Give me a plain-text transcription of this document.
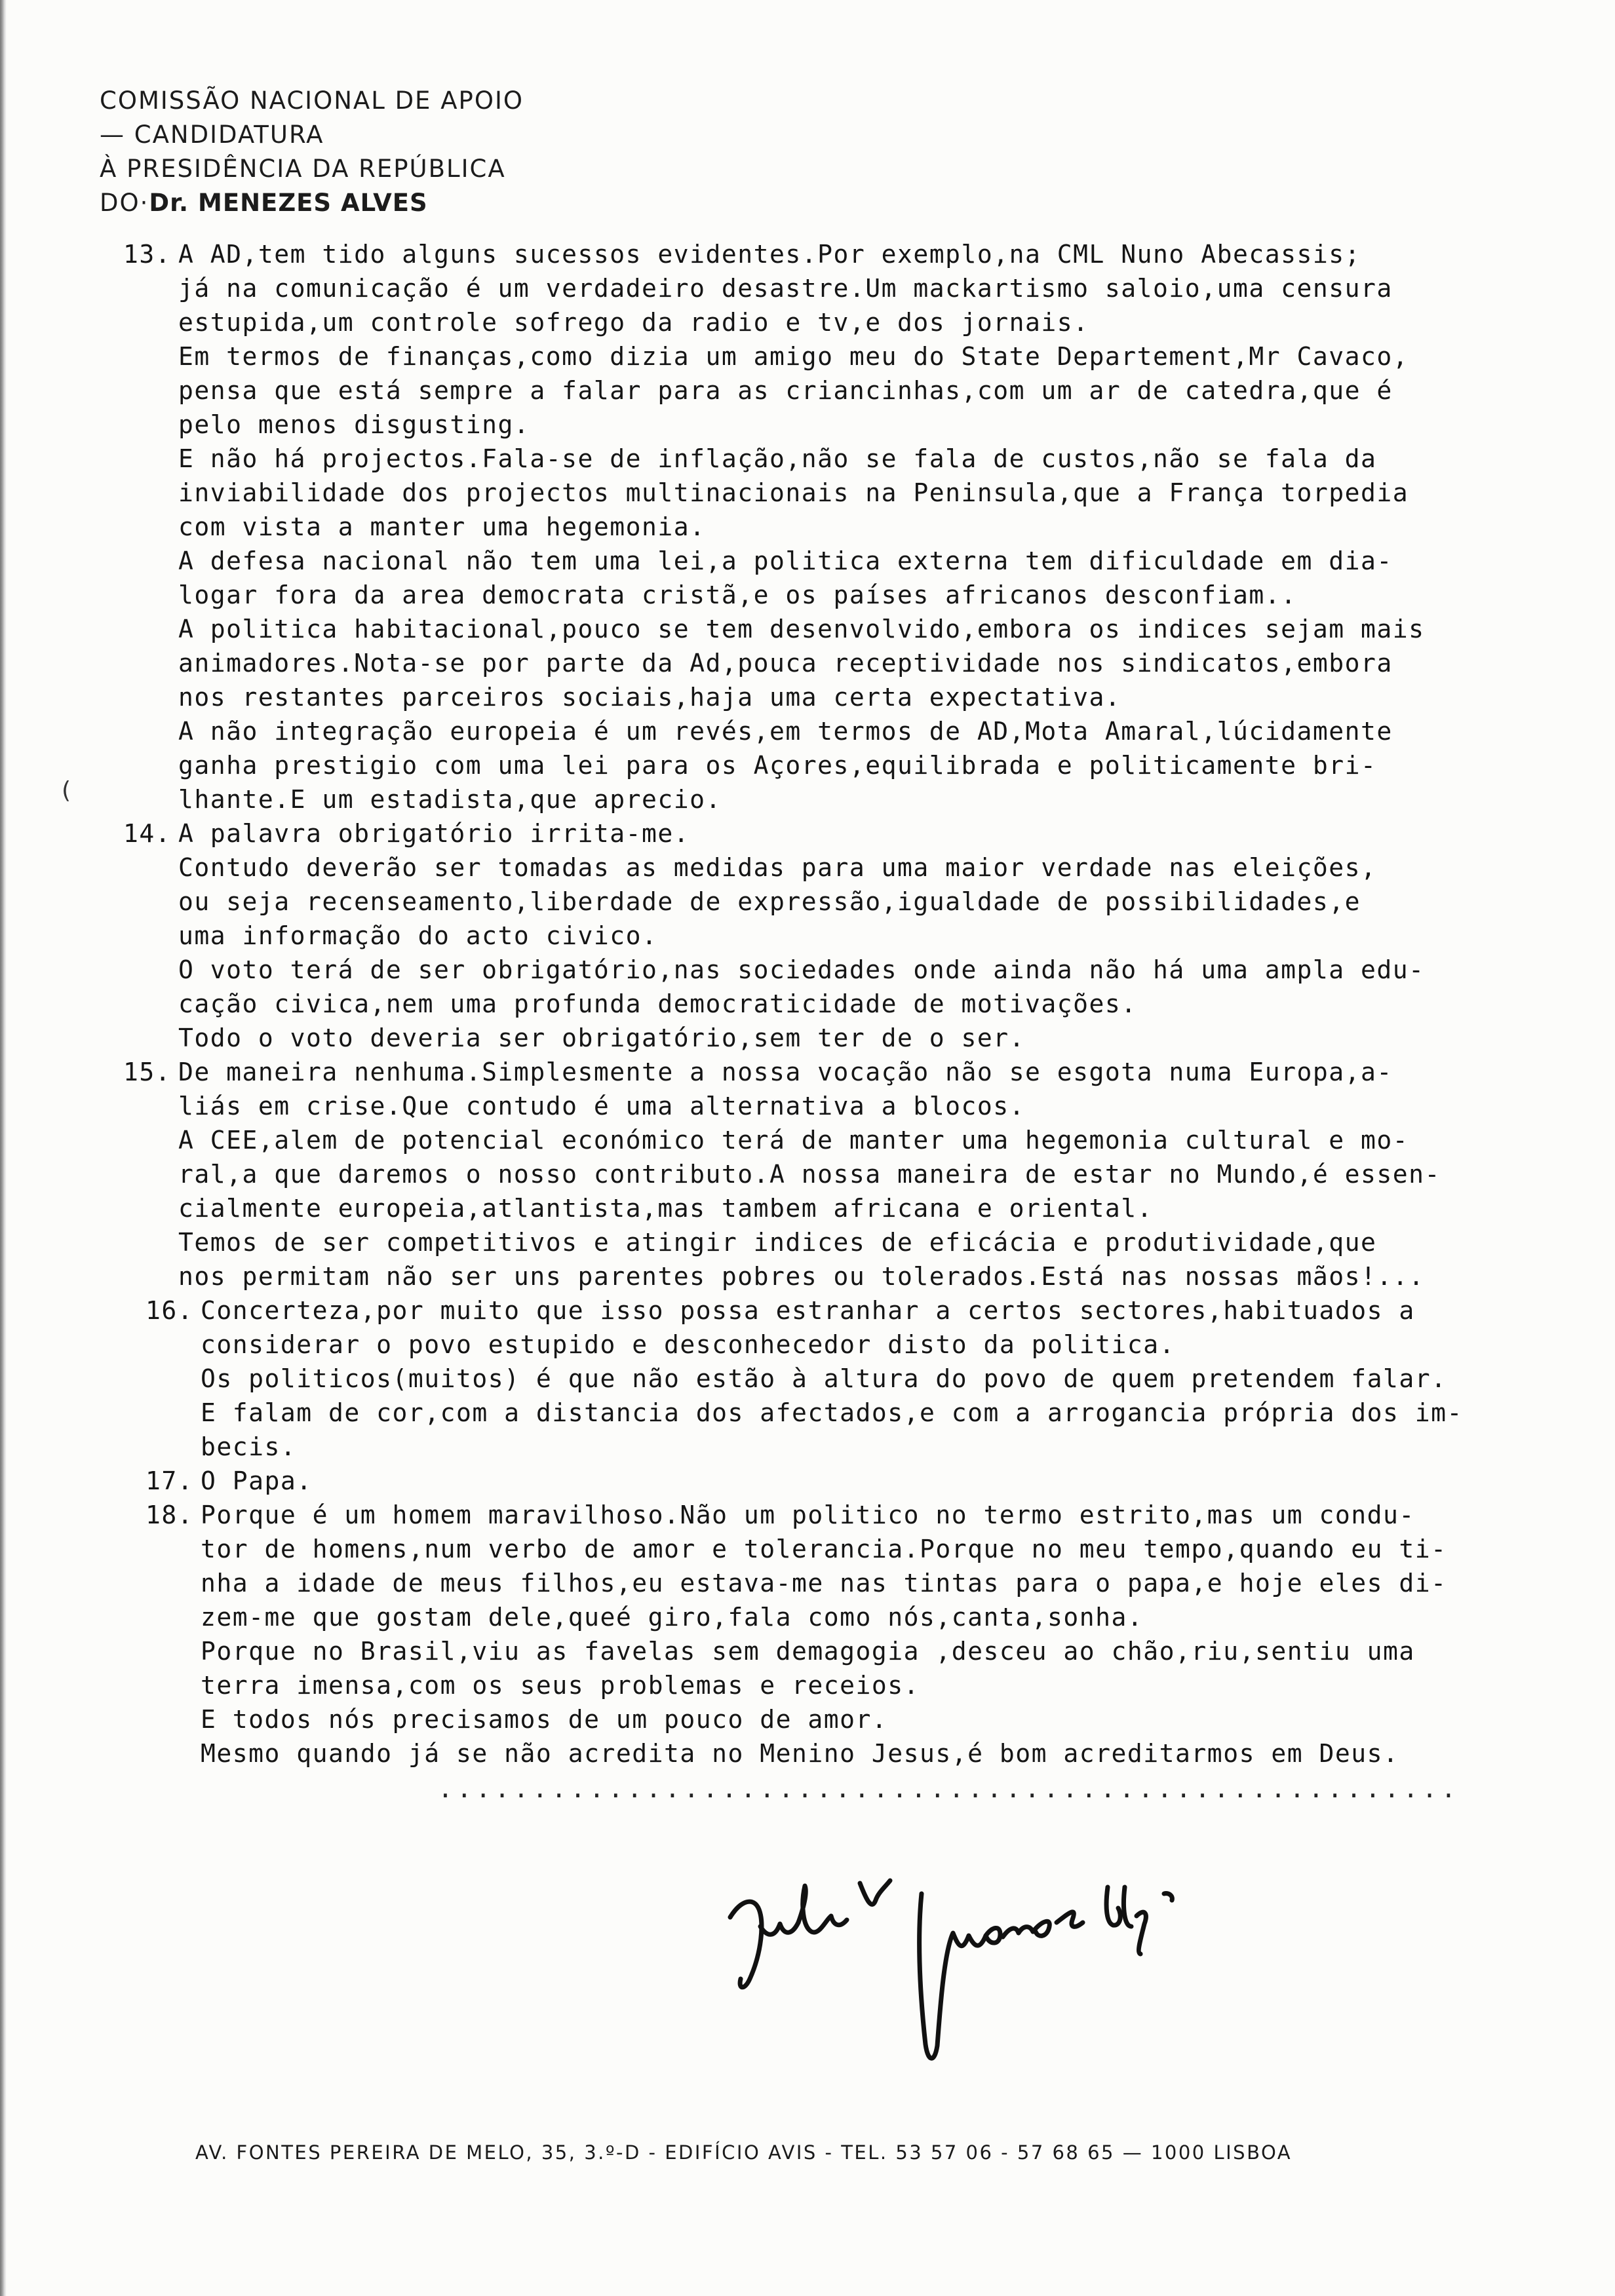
COMISSÃO NACIONAL DE APOIO
— CANDIDATURA
À PRESIDÊNCIA DA REPÚBLICA
DO·Dr. MENEZES ALVES
13. A AD,tem tido alguns sucessos evidentes.Por exemplo,na CML Nuno Abecassis;
já na comunicação é um verdadeiro desastre.Um mackartismo saloio,uma censura
estupida,um controle sofrego da radio e tv,e dos jornais.
Em termos de finanças,como dizia um amigo meu do State Departement,Mr Cavaco,
pensa que está sempre a falar para as criancinhas,com um ar de catedra,que é
pelo menos disgusting.
E não há projectos.Fala-se de inflação,não se fala de custos,não se fala da
inviabilidade dos projectos multinacionais na Peninsula,que a França torpedia
com vista a manter uma hegemonia.
A defesa nacional não tem uma lei,a politica externa tem dificuldade em dia-
logar fora da area democrata cristã,e os países africanos desconfiam..
A politica habitacional,pouco se tem desenvolvido,embora os indices sejam mais
animadores.Nota-se por parte da Ad,pouca receptividade nos sindicatos,embora
nos restantes parceiros sociais,haja uma certa expectativa.
A não integração europeia é um revés,em termos de AD,Mota Amaral,lúcidamente
ganha prestigio com uma lei para os Açores,equilibrada e politicamente bri-
lhante.E um estadista,que aprecio.
14. A palavra obrigatório irrita-me.
Contudo deverão ser tomadas as medidas para uma maior verdade nas eleições,
ou seja recenseamento,liberdade de expressão,igualdade de possibilidades,e
uma informação do acto civico.
O voto terá de ser obrigatório,nas sociedades onde ainda não há uma ampla edu-
cação civica,nem uma profunda democraticidade de motivações.
Todo o voto deveria ser obrigatório,sem ter de o ser.
15. De maneira nenhuma.Simplesmente a nossa vocação não se esgota numa Europa,a-
liás em crise.Que contudo é uma alternativa a blocos.
A CEE,alem de potencial económico terá de manter uma hegemonia cultural e mo-
ral,a que daremos o nosso contributo.A nossa maneira de estar no Mundo,é essen-
cialmente europeia,atlantista,mas tambem africana e oriental.
Temos de ser competitivos e atingir indices de eficácia e produtividade,que
nos permitam não ser uns parentes pobres ou tolerados.Está nas nossas mãos!...
16. Concerteza,por muito que isso possa estranhar a certos sectores,habituados a
considerar o povo estupido e desconhecedor disto da politica.
Os politicos(muitos) é que não estão à altura do povo de quem pretendem falar.
E falam de cor,com a distancia dos afectados,e com a arrogancia própria dos im-
becis.
17. O Papa.
18. Porque é um homem maravilhoso.Não um politico no termo estrito,mas um condu-
tor de homens,num verbo de amor e tolerancia.Porque no meu tempo,quando eu ti-
nha a idade de meus filhos,eu estava-me nas tintas para o papa,e hoje eles di-
zem-me que gostam dele,queé giro,fala como nós,canta,sonha.
Porque no Brasil,viu as favelas sem demagogia ,desceu ao chão,riu,sentiu uma
terra imensa,com os seus problemas e receios.
E todos nós precisamos de um pouco de amor.
Mesmo quando já se não acredita no Menino Jesus,é bom acreditarmos em Deus.
......................................................
(
AV. FONTES PEREIRA DE MELO, 35, 3.º-D - EDIFÍCIO AVIS - TEL. 53 57 06 - 57 68 65 — 1000 LISBOA
